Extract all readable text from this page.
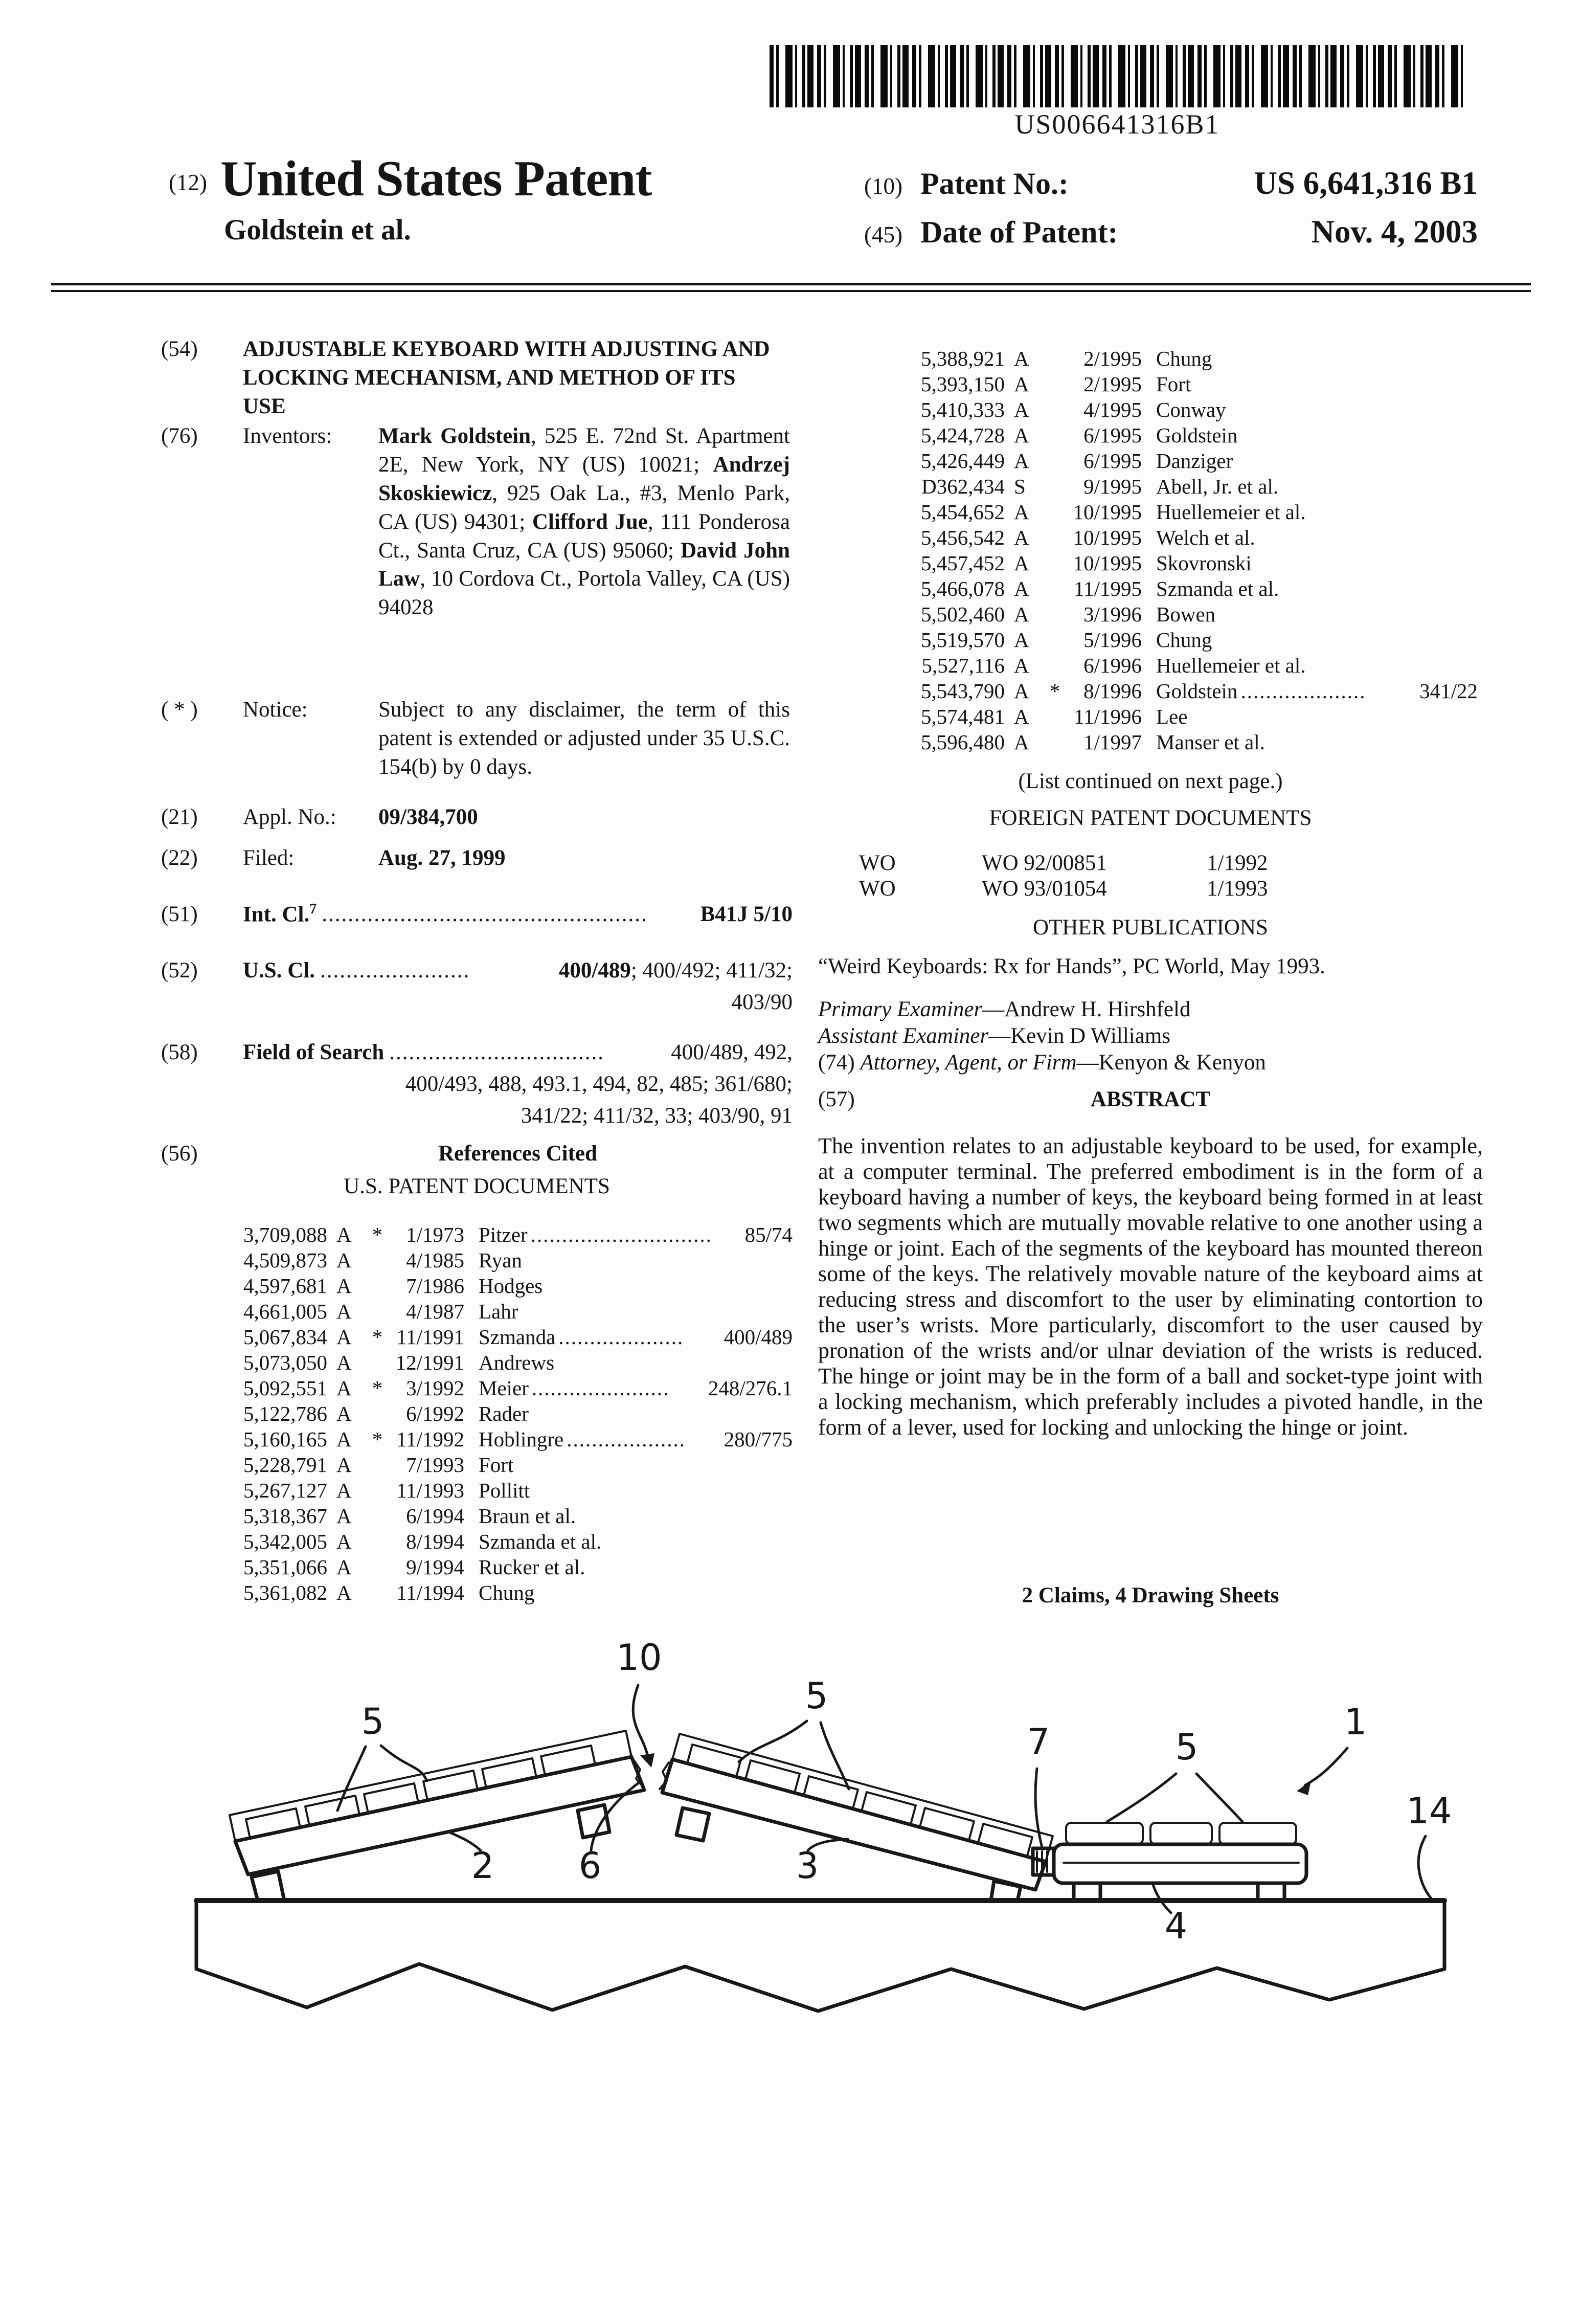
US006641316B1
(12) United States Patent
Goldstein et al.
(10) Patent No.:	US 6,641,316 B1
(45) Date of Patent:	Nov. 4, 2003
(54)	ADJUSTABLE KEYBOARD WITH ADJUSTING AND LOCKING MECHANISM, AND METHOD OF ITS USE
(76)	Inventors:	Mark Goldstein, 525 E. 72nd St. Apartment 2E, New York, NY (US) 10021; Andrzej Skoskiewicz, 925 Oak La., #3, Menlo Park, CA (US) 94301; Clifford Jue, 111 Ponderosa Ct., Santa Cruz, CA (US) 95060; David John Law, 10 Cordova Ct., Portola Valley, CA (US) 94028
( * )	Notice:	Subject to any disclaimer, the term of this patent is extended or adjusted under 35 U.S.C. 154(b) by 0 days.
(21)	Appl. No.:	09/384,700
(22)	Filed:	Aug. 27, 1999
(51)	Int. Cl.$^7$ ..................................................	B41J 5/10
(52)	U.S. Cl. .......................	400/489; 400/492; 411/32;
403/90
(58)	Field of Search .................................	400/489, 492,
400/493, 488, 493.1, 494, 82, 485; 361/680;
341/22; 411/32, 33; 403/90, 91
(56)	References Cited
U.S. PATENT DOCUMENTS
3,709,088 A *	1/1973 Pitzer .............................	85/74
4,509,873 A	4/1985 Ryan
4,597,681 A	7/1986 Hodges
4,661,005 A	4/1987 Lahr
5,067,834 A * 11/1991 Szmanda ....................	400/489
5,073,050 A	12/1991 Andrews
5,092,551 A *	3/1992 Meier ......................	248/276.1
5,122,786 A	6/1992 Rader
5,160,165 A * 11/1992 Hoblingre ...................	280/775
5,228,791 A	7/1993 Fort
5,267,127 A	11/1993 Pollitt
5,318,367 A	6/1994 Braun et al.
5,342,005 A	8/1994 Szmanda et al.
5,351,066 A	9/1994 Rucker et al.
5,361,082 A	11/1994 Chung
5,388,921 A	2/1995 Chung
5,393,150 A	2/1995 Fort
5,410,333 A	4/1995 Conway
5,424,728 A	6/1995 Goldstein
5,426,449 A	6/1995 Danziger
D362,434 S	9/1995 Abell, Jr. et al.
5,454,652 A	10/1995 Huellemeier et al.
5,456,542 A	10/1995 Welch et al.
5,457,452 A	10/1995 Skovronski
5,466,078 A	11/1995 Szmanda et al.
5,502,460 A	3/1996 Bowen
5,519,570 A	5/1996 Chung
5,527,116 A	6/1996 Huellemeier et al.
5,543,790 A *	8/1996 Goldstein ....................	341/22
5,574,481 A	11/1996 Lee
5,596,480 A	1/1997 Manser et al.
(List continued on next page.)
FOREIGN PATENT DOCUMENTS
WO	WO 92/00851	1/1992
WO	WO 93/01054	1/1993
OTHER PUBLICATIONS
“Weird Keyboards: Rx for Hands”, PC World, May 1993.
Primary Examiner—Andrew H. Hirshfeld
Assistant Examiner—Kevin D Williams
(74) Attorney, Agent, or Firm—Kenyon & Kenyon
(57)	ABSTRACT
The invention relates to an adjustable keyboard to be used, for example, at a computer terminal. The preferred embodiment is in the form of a keyboard having a number of keys, the keyboard being formed in at least two segments which are mutually movable relative to one another using a hinge or joint. Each of the segments of the keyboard has mounted thereon some of the keys. The relatively movable nature of the keyboard aims at reducing stress and discomfort to the user by eliminating contortion to the user’s wrists. More particularly, discomfort to the user caused by pronation of the wrists and/or ulnar deviation of the wrists is reduced. The hinge or joint may be in the form of a ball and socket-type joint with a locking mechanism, which preferably includes a pivoted handle, in the form of a lever, used for locking and unlocking the hinge or joint.
2 Claims, 4 Drawing Sheets
10
5
5
7	5
1
14
2 6	3
4
